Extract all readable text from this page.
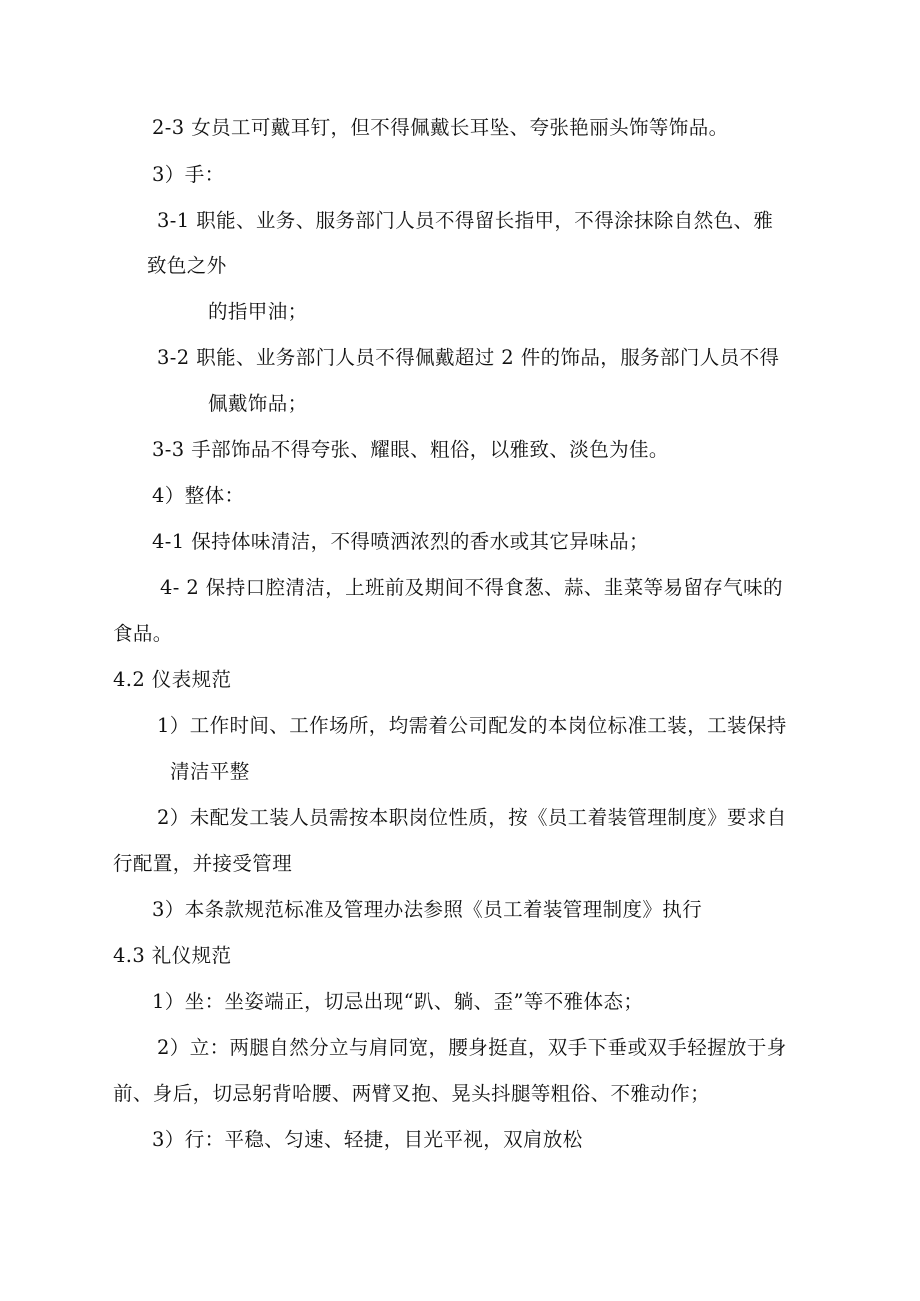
2-3 女员工可戴耳钉，但不得佩戴长耳坠、夸张艳丽头饰等饰品。
3）手：
3-1 职能、业务、服务部门人员不得留长指甲，不得涂抹除自然色、雅
致色之外
的指甲油；
3-2 职能、业务部门人员不得佩戴超过 2 件的饰品，服务部门人员不得
佩戴饰品；
3-3 手部饰品不得夸张、耀眼、粗俗，以雅致、淡色为佳。
4）整体：
4-1 保持体味清洁，不得喷洒浓烈的香水或其它异味品；
4- 2 保持口腔清洁，上班前及期间不得食葱、蒜、韭菜等易留存气味的
食品。
4.2 仪表规范
1）工作时间、工作场所，均需着公司配发的本岗位标准工装，工装保持
清洁平整
2）未配发工装人员需按本职岗位性质，按《员工着装管理制度》要求自
行配置，并接受管理
3）本条款规范标准及管理办法参照《员工着装管理制度》执行
4.3 礼仪规范
1）坐：坐姿端正，切忌出现“趴、躺、歪”等不雅体态；
2）立：两腿自然分立与肩同宽，腰身挺直，双手下垂或双手轻握放于身
前、身后，切忌躬背哈腰、两臂叉抱、晃头抖腿等粗俗、不雅动作；
3）行：平稳、匀速、轻捷，目光平视，双肩放松
